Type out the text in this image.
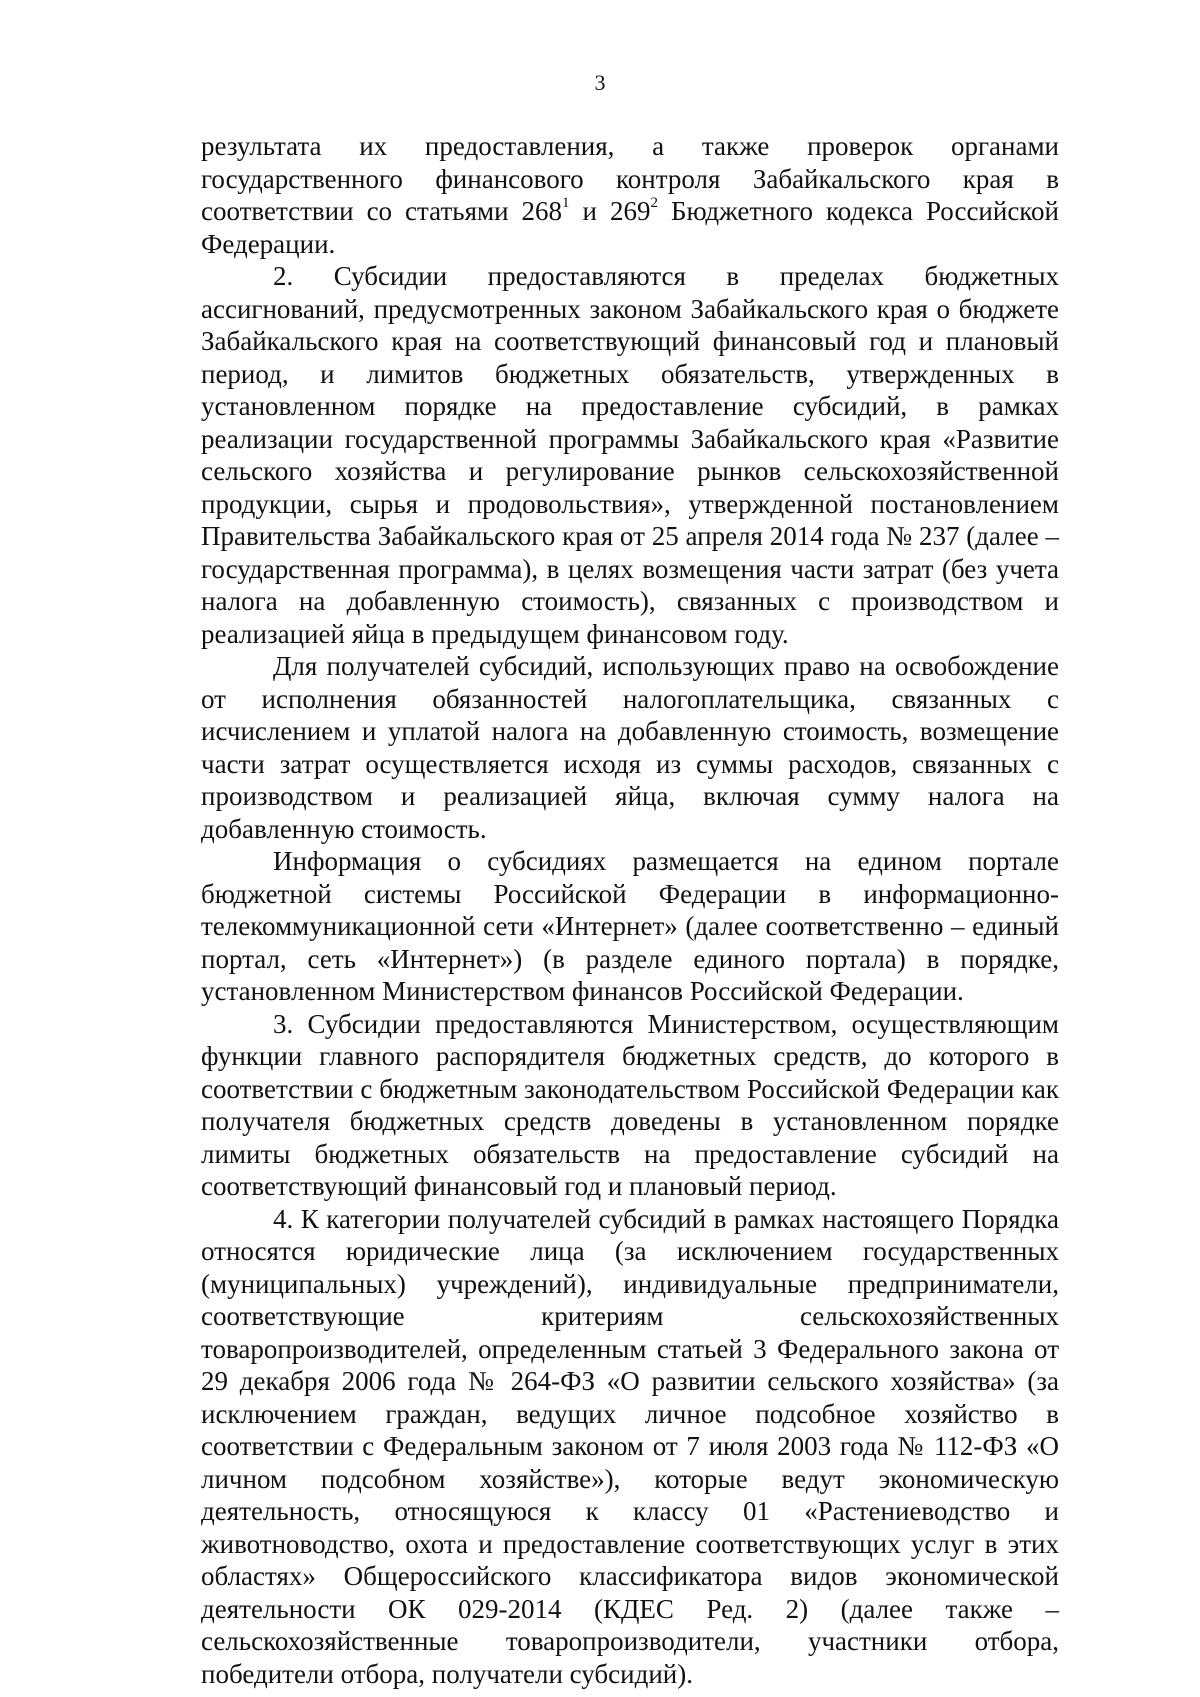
3

результата их предоставления, а также проверок органами государственного финансового контроля Забайкальского края в соответствии со статьями $268^1$ и $269^2$ Бюджетного кодекса Российской Федерации.

2. Субсидии предоставляются в пределах бюджетных ассигнований, предусмотренных законом Забайкальского края о бюджете Забайкальского края на соответствующий финансовый год и плановый период, и лимитов бюджетных обязательств, утвержденных в установленном порядке на предоставление субсидий, в рамках реализации государственной программы Забайкальского края «Развитие сельского хозяйства и регулирование рынков сельскохозяйственной продукции, сырья и продовольствия», утвержденной постановлением Правительства Забайкальского края от 25 апреля 2014 года № 237 (далее – государственная программа), в целях возмещения части затрат (без учета налога на добавленную стоимость), связанных с производством и реализацией яйца в предыдущем финансовом году.

Для получателей субсидий, использующих право на освобождение от исполнения обязанностей налогоплательщика, связанных с исчислением и уплатой налога на добавленную стоимость, возмещение части затрат осуществляется исходя из суммы расходов, связанных с производством и реализацией яйца, включая сумму налога на добавленную стоимость.

Информация о субсидиях размещается на едином портале бюджетной системы Российской Федерации в информационно-телекоммуникационной сети «Интернет» (далее соответственно – единый портал, сеть «Интернет») (в разделе единого портала) в порядке, установленном Министерством финансов Российской Федерации.

3. Субсидии предоставляются Министерством, осуществляющим функции главного распорядителя бюджетных средств, до которого в соответствии с бюджетным законодательством Российской Федерации как получателя бюджетных средств доведены в установленном порядке лимиты бюджетных обязательств на предоставление субсидий на соответствующий финансовый год и плановый период.

4. К категории получателей субсидий в рамках настоящего Порядка относятся юридические лица (за исключением государственных (муниципальных) учреждений), индивидуальные предприниматели, соответствующие критериям сельскохозяйственных товаропроизводителей, определенным статьей 3 Федерального закона от 29 декабря 2006 года № 264-ФЗ «О развитии сельского хозяйства» (за исключением граждан, ведущих личное подсобное хозяйство в соответствии с Федеральным законом от 7 июля 2003 года № 112-ФЗ «О личном подсобном хозяйстве»), которые ведут экономическую деятельность, относящуюся к классу 01 «Растениеводство и животноводство, охота и предоставление соответствующих услуг в этих областях» Общероссийского классификатора видов экономической деятельности ОК 029-2014 (КДЕС Ред. 2) (далее также – сельскохозяйственные товаропроизводители, участники отбора, победители отбора, получатели субсидий).
